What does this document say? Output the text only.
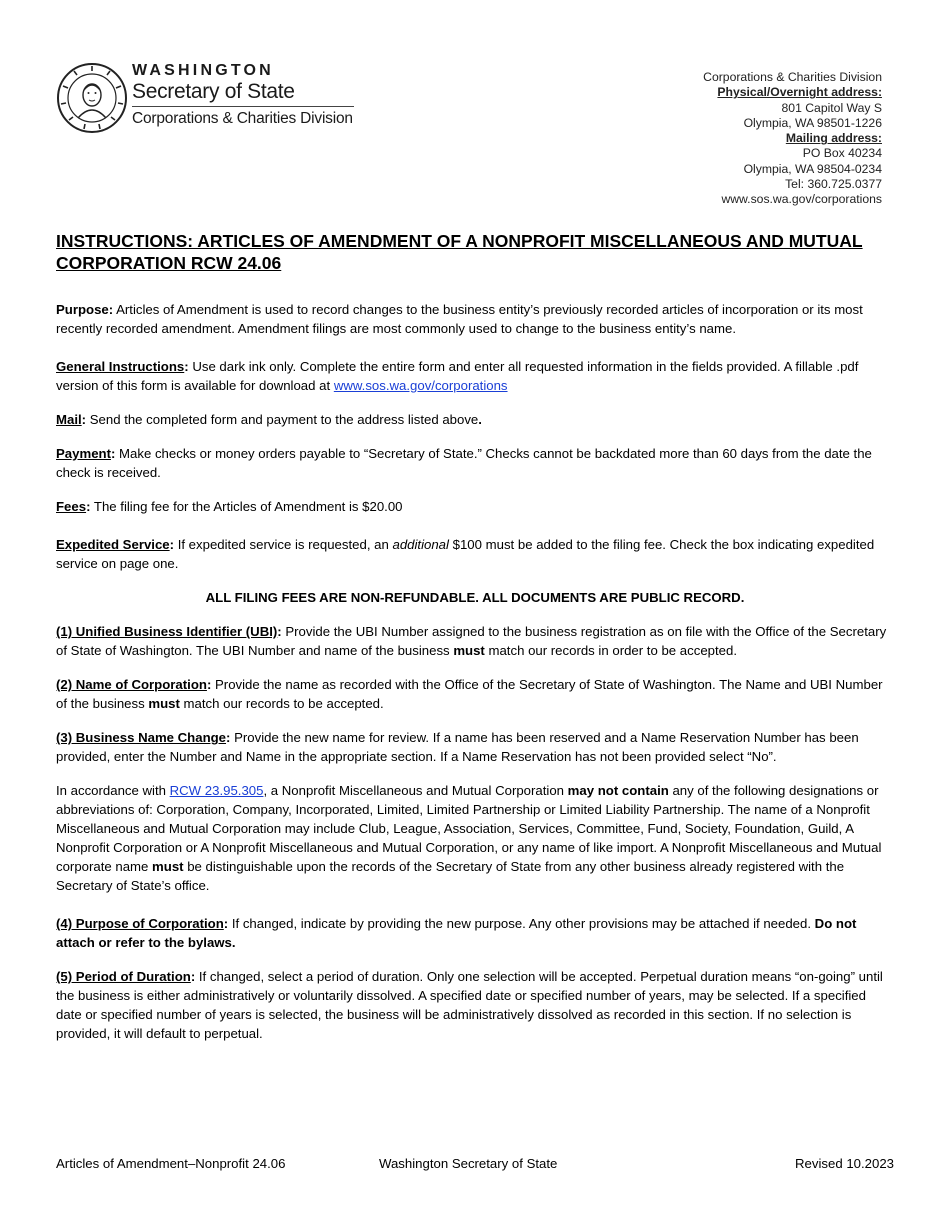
WASHINGTON
Secretary of State
Corporations & Charities Division
Corporations & Charities Division
Physical/Overnight address:
801 Capitol Way S
Olympia, WA 98501-1226
Mailing address:
PO Box 40234
Olympia, WA 98504-0234
Tel: 360.725.0377
www.sos.wa.gov/corporations
INSTRUCTIONS: ARTICLES OF AMENDMENT OF A NONPROFIT MISCELLANEOUS AND MUTUAL CORPORATION RCW 24.06

Purpose: Articles of Amendment is used to record changes to the business entity’s previously recorded articles of incorporation or its most recently recorded amendment. Amendment filings are most commonly used to change to the business entity’s name.

General Instructions: Use dark ink only. Complete the entire form and enter all requested information in the fields provided. A fillable .pdf version of this form is available for download at www.sos.wa.gov/corporations

Mail: Send the completed form and payment to the address listed above.

Payment: Make checks or money orders payable to “Secretary of State.” Checks cannot be backdated more than 60 days from the date the check is received.

Fees: The filing fee for the Articles of Amendment is $20.00

Expedited Service: If expedited service is requested, an additional $100 must be added to the filing fee. Check the box indicating expedited service on page one.

ALL FILING FEES ARE NON-REFUNDABLE. ALL DOCUMENTS ARE PUBLIC RECORD.

(1) Unified Business Identifier (UBI): Provide the UBI Number assigned to the business registration as on file with the Office of the Secretary of State of Washington. The UBI Number and name of the business must match our records in order to be accepted.

(2) Name of Corporation: Provide the name as recorded with the Office of the Secretary of State of Washington. The Name and UBI Number of the business must match our records to be accepted.

(3) Business Name Change: Provide the new name for review. If a name has been reserved and a Name Reservation Number has been provided, enter the Number and Name in the appropriate section. If a Name Reservation has not been provided select “No”.

In accordance with RCW 23.95.305, a Nonprofit Miscellaneous and Mutual Corporation may not contain any of the following designations or abbreviations of: Corporation, Company, Incorporated, Limited, Limited Partnership or Limited Liability Partnership. The name of a Nonprofit Miscellaneous and Mutual Corporation may include Club, League, Association, Services, Committee, Fund, Society, Foundation, Guild, A Nonprofit Corporation or A Nonprofit Miscellaneous and Mutual Corporation, or any name of like import. A Nonprofit Miscellaneous and Mutual corporate name must be distinguishable upon the records of the Secretary of State from any other business already registered with the Secretary of State’s office.

(4) Purpose of Corporation: If changed, indicate by providing the new purpose. Any other provisions may be attached if needed. Do not attach or refer to the bylaws.

(5) Period of Duration: If changed, select a period of duration. Only one selection will be accepted. Perpetual duration means “on-going” until the business is either administratively or voluntarily dissolved. A specified date or specified number of years, may be selected. If a specified date or specified number of years is selected, the business will be administratively dissolved as recorded in this section. If no selection is provided, it will default to perpetual.

Articles of Amendment–Nonprofit 24.06	Washington Secretary of State	Revised 10.2023
